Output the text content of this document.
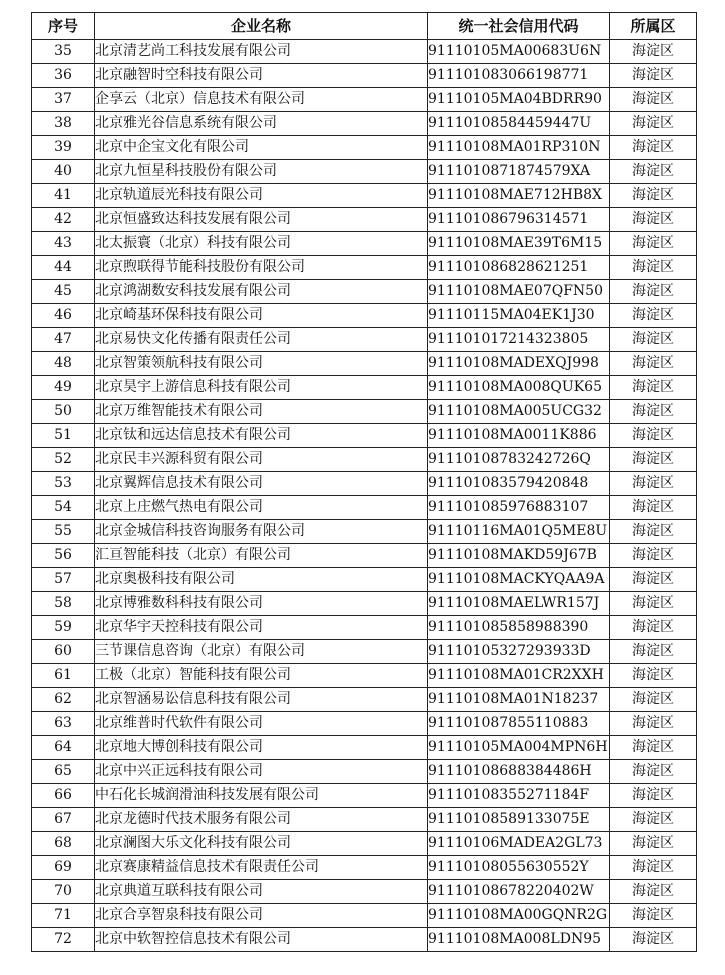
序号	企业名称	统一社会信用代码	所属区
35	北京清艺尚工科技发展有限公司	91110105MA00683U6N	海淀区
36	北京融智时空科技有限公司	911101083066198771	海淀区
37	企享云（北京）信息技术有限公司	91110105MA04BDRR90	海淀区
38	北京雅光谷信息系统有限公司	91110108584459447U	海淀区
39	北京中企宝文化有限公司	91110108MA01RP310N	海淀区
40	北京九恒星科技股份有限公司	9111010871874579XA	海淀区
41	北京轨道辰光科技有限公司	91110108MAE712HB8X	海淀区
42	北京恒盛致达科技发展有限公司	911101086796314571	海淀区
43	北太振寰（北京）科技有限公司	91110108MAE39T6M15	海淀区
44	北京煦联得节能科技股份有限公司	911101086828621251	海淀区
45	北京鸿湖数安科技发展有限公司	91110108MAE07QFN50	海淀区
46	北京崎基环保科技有限公司	91110115MA04EK1J30	海淀区
47	北京易快文化传播有限责任公司	911101017214323805	海淀区
48	北京智策领航科技有限公司	91110108MADEXQJ998	海淀区
49	北京昊宇上游信息科技有限公司	91110108MA008QUK65	海淀区
50	北京万维智能技术有限公司	91110108MA005UCG32	海淀区
51	北京钛和远达信息技术有限公司	91110108MA0011K886	海淀区
52	北京民丰兴源科贸有限公司	91110108783242726Q	海淀区
53	北京翼辉信息技术有限公司	911101083579420848	海淀区
54	北京上庄燃气热电有限公司	911101085976883107	海淀区
55	北京金城信科技咨询服务有限公司	91110116MA01Q5ME8U	海淀区
56	汇亘智能科技（北京）有限公司	91110108MAKD59J67B	海淀区
57	北京奥极科技有限公司	91110108MACKYQAA9A	海淀区
58	北京博雅数科科技有限公司	91110108MAELWR157J	海淀区
59	北京华宇天控科技有限公司	911101085858988390	海淀区
60	三节课信息咨询（北京）有限公司	91110105327293933D	海淀区
61	工极（北京）智能科技有限公司	91110108MA01CR2XXH	海淀区
62	北京智涵易讼信息科技有限公司	91110108MA01N18237	海淀区
63	北京维普时代软件有限公司	911101087855110883	海淀区
64	北京地大博创科技有限公司	91110105MA004MPN6H	海淀区
65	北京中兴正远科技有限公司	91110108688384486H	海淀区
66	中石化长城润滑油科技发展有限公司	91110108355271184F	海淀区
67	北京龙德时代技术服务有限公司	91110108589133075E	海淀区
68	北京澜图大乐文化科技有限公司	91110106MADEA2GL73	海淀区
69	北京赛康精益信息技术有限责任公司	91110108055630552Y	海淀区
70	北京典道互联科技有限公司	91110108678220402W	海淀区
71	北京合享智泉科技有限公司	91110108MA00GQNR2G	海淀区
72	北京中软智控信息技术有限公司	91110108MA008LDN95	海淀区
